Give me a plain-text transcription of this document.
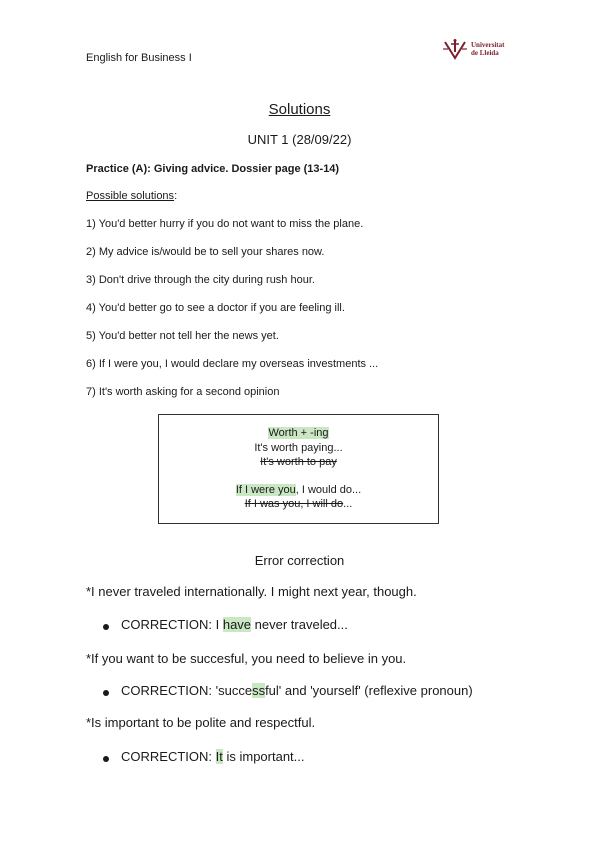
English for Business I
Universitat
de Lleida
Solutions
UNIT 1 (28/09/22)
Practice (A): Giving advice. Dossier page (13-14)
Possible solutions:
1) You'd better hurry if you do not want to miss the plane.
2) My advice is/would be to sell your shares now.
3) Don't drive through the city during rush hour.
4) You'd better go to see a doctor if you are feeling ill.
5) You'd better not tell her the news yet.
6) If I were you, I would declare my overseas investments ...
7) It's worth asking for a second opinion
Worth + -ing
It's worth paying...
It's worth to pay
If I were you, I would do...
If I was you, I will do...
Error correction
*I never traveled internationally. I might next year, though.
CORRECTION: I have never traveled...
*If you want to be succesful, you need to believe in you.
CORRECTION: 'successful' and 'yourself' (reflexive pronoun)
*Is important to be polite and respectful.
CORRECTION: It is important...
